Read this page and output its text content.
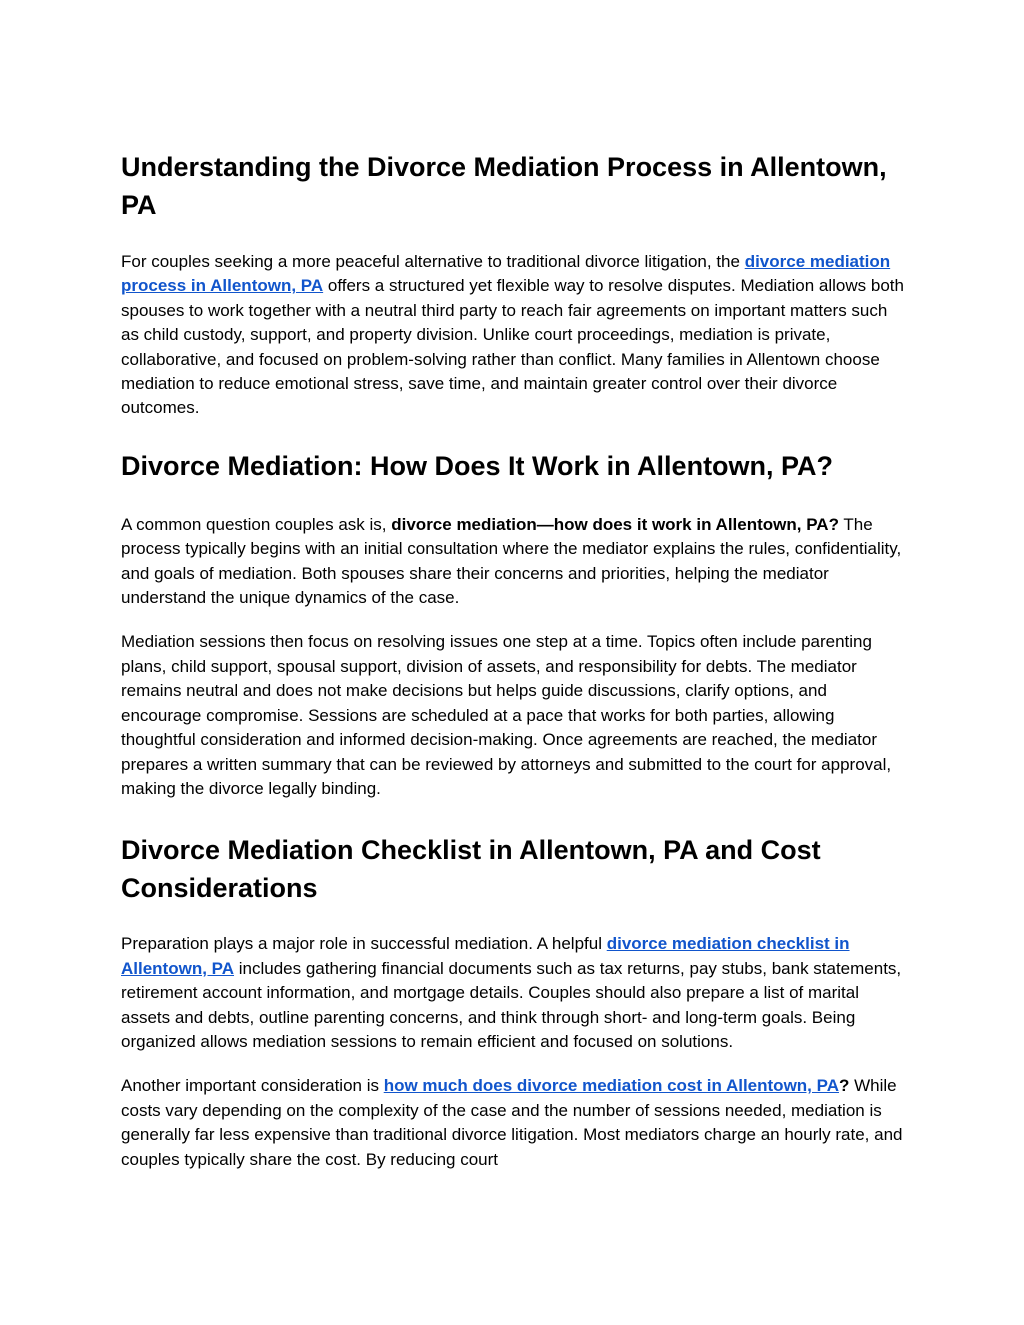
Understanding the Divorce Mediation Process in Allentown, PA

For couples seeking a more peaceful alternative to traditional divorce litigation, the divorce mediation process in Allentown, PA offers a structured yet flexible way to resolve disputes. Mediation allows both spouses to work together with a neutral third party to reach fair agreements on important matters such as child custody, support, and property division. Unlike court proceedings, mediation is private, collaborative, and focused on problem-solving rather than conflict. Many families in Allentown choose mediation to reduce emotional stress, save time, and maintain greater control over their divorce outcomes.

Divorce Mediation: How Does It Work in Allentown, PA?

A common question couples ask is, divorce mediation—how does it work in Allentown, PA? The process typically begins with an initial consultation where the mediator explains the rules, confidentiality, and goals of mediation. Both spouses share their concerns and priorities, helping the mediator understand the unique dynamics of the case.

Mediation sessions then focus on resolving issues one step at a time. Topics often include parenting plans, child support, spousal support, division of assets, and responsibility for debts. The mediator remains neutral and does not make decisions but helps guide discussions, clarify options, and encourage compromise. Sessions are scheduled at a pace that works for both parties, allowing thoughtful consideration and informed decision-making. Once agreements are reached, the mediator prepares a written summary that can be reviewed by attorneys and submitted to the court for approval, making the divorce legally binding.

Divorce Mediation Checklist in Allentown, PA and Cost Considerations

Preparation plays a major role in successful mediation. A helpful divorce mediation checklist in Allentown, PA includes gathering financial documents such as tax returns, pay stubs, bank statements, retirement account information, and mortgage details. Couples should also prepare a list of marital assets and debts, outline parenting concerns, and think through short- and long-term goals. Being organized allows mediation sessions to remain efficient and focused on solutions.

Another important consideration is how much does divorce mediation cost in Allentown, PA? While costs vary depending on the complexity of the case and the number of sessions needed, mediation is generally far less expensive than traditional divorce litigation. Most mediators charge an hourly rate, and couples typically share the cost. By reducing court
